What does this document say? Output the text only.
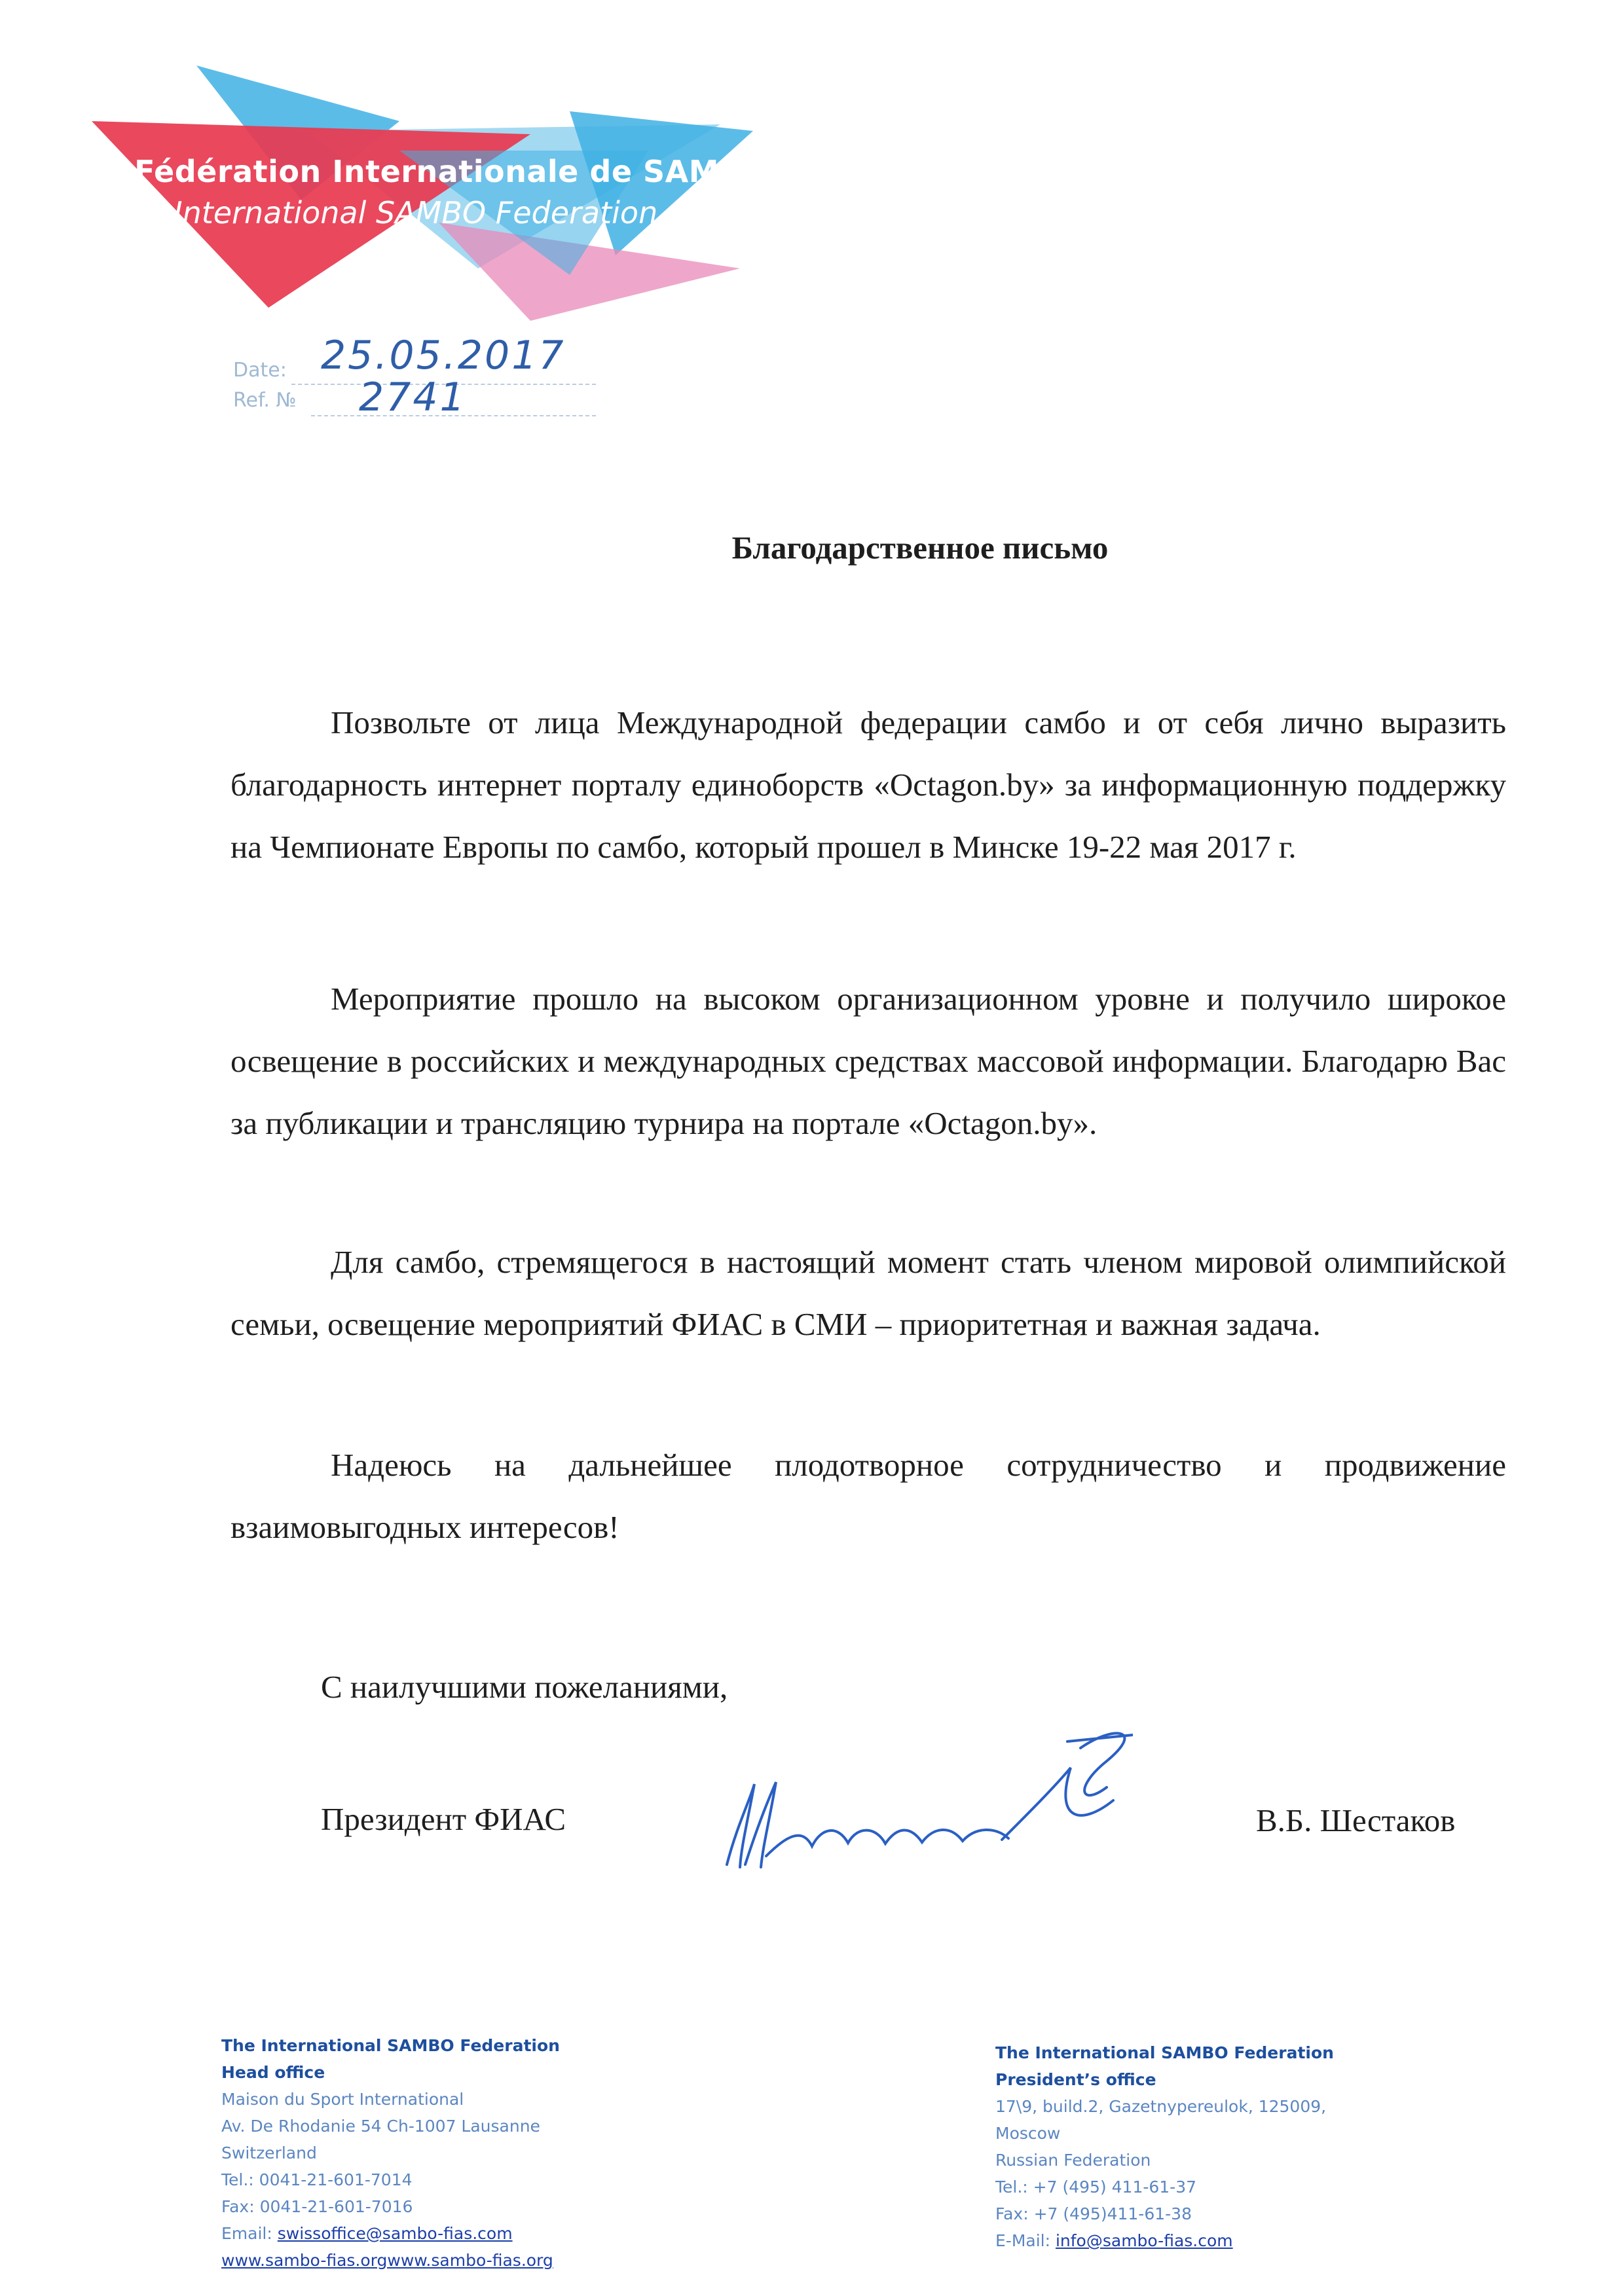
Fédération Internationale de SAMBO
International SAMBO Federation
Date: 25.05.2017
Ref. № 2741
Благодарственное письмо

Позвольте от лица Международной федерации самбо и от себя лично выразить благодарность интернет порталу единоборств «Octagon.by» за информационную поддержку на Чемпионате Европы по самбо, который прошел в Минске 19-22 мая 2017 г.

Мероприятие прошло на высоком организационном уровне и получило широкое освещение в российских и международных средствах массовой информации. Благодарю Вас за публикации и трансляцию турнира на портале «Octagon.by».

Для самбо, стремящегося в настоящий момент стать членом мировой олимпийской семьи, освещение мероприятий ФИАС в СМИ – приоритетная и важная задача.

Надеюсь на дальнейшее плодотворное сотрудничество и продвижение взаимовыгодных интересов!

С наилучшими пожеланиями,
Президент ФИАС	В.Б. Шестаков
The International SAMBO Federation
Head office
Maison du Sport International
Av. De Rhodanie 54 Ch-1007 Lausanne
Switzerland
Tel.: 0041-21-601-7014
Fax: 0041-21-601-7016
Email: swissoffice@sambo-fias.com
www.sambo-fias.orgwww.sambo-fias.org
The International SAMBO Federation
President’s office
17\9, build.2, Gazetnypereulok, 125009,
Moscow
Russian Federation
Tel.: +7 (495) 411-61-37
Fax: +7 (495)411-61-38
E-Mail: info@sambo-fias.com
